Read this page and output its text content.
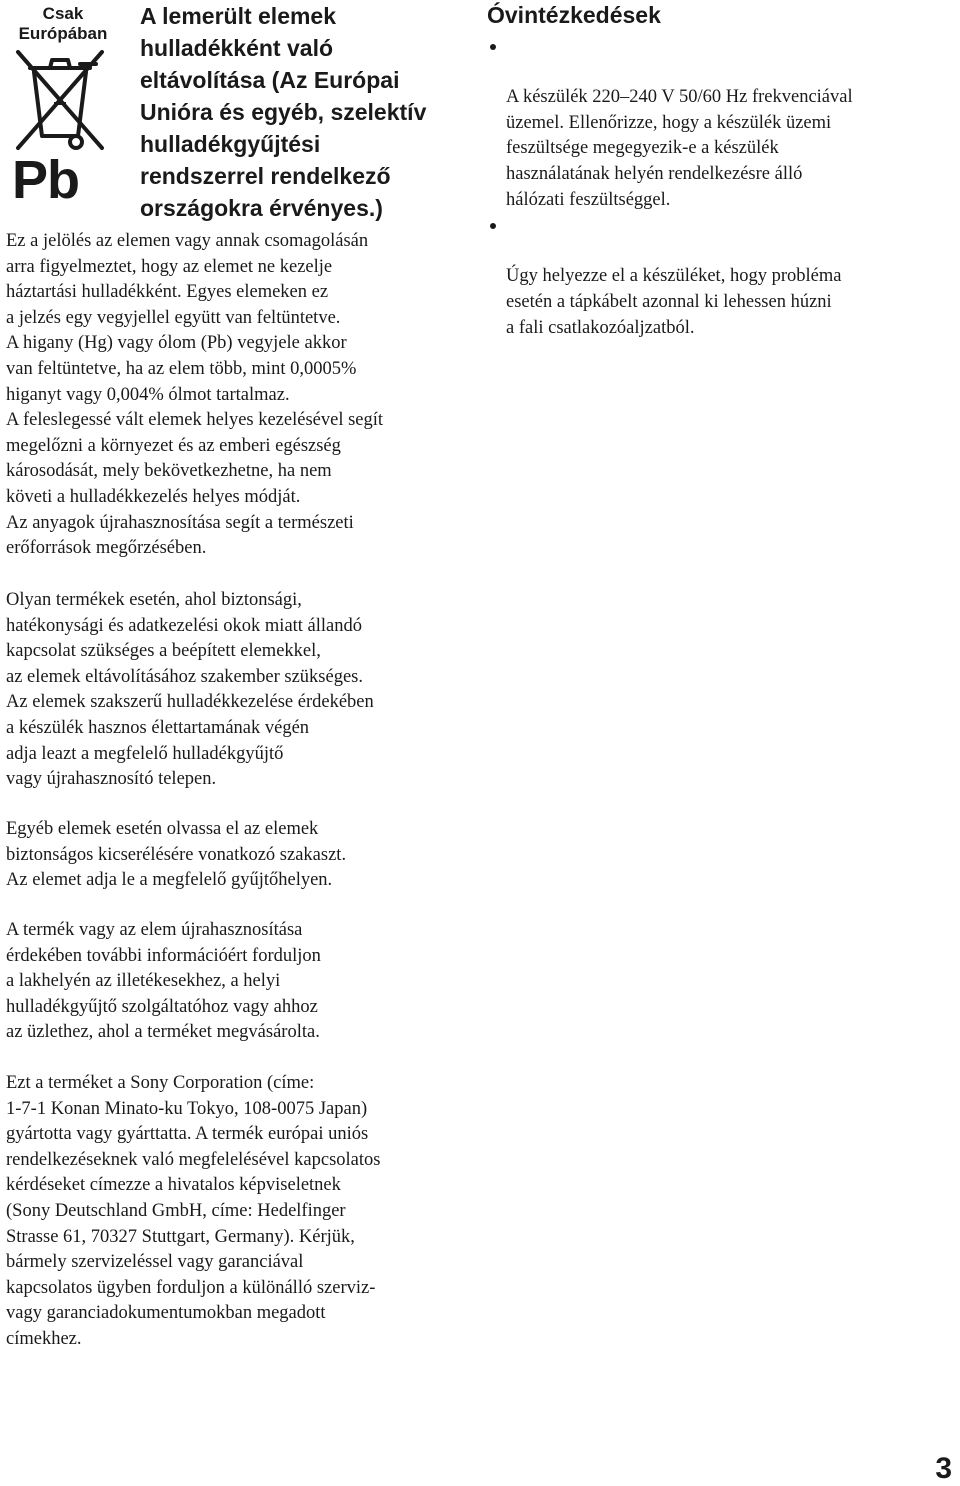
Csak
Európában
Pb
A lemerült elemek
hulladékként való
eltávolítása (Az Európai
Unióra és egyéb, szelektív
hulladékgyűjtési
rendszerrel rendelkező
országokra érvényes.)

Ez a jelölés az elemen vagy annak csomagolásán
arra figyelmeztet, hogy az elemet ne kezelje
háztartási hulladékként. Egyes elemeken ez
a jelzés egy vegyjellel együtt van feltüntetve.
A higany (Hg) vagy ólom (Pb) vegyjele akkor
van feltüntetve, ha az elem több, mint 0,0005%
higanyt vagy 0,004% ólmot tartalmaz.
A feleslegessé vált elemek helyes kezelésével segít
megelőzni a környezet és az emberi egészség
károsodását, mely bekövetkezhetne, ha nem
követi a hulladékkezelés helyes módját.
Az anyagok újrahasznosítása segít a természeti
erőforrások megőrzésében.

Olyan termékek esetén, ahol biztonsági,
hatékonysági és adatkezelési okok miatt állandó
kapcsolat szükséges a beépített elemekkel,
az elemek eltávolításához szakember szükséges.
Az elemek szakszerű hulladékkezelése érdekében
a készülék hasznos élettartamának végén
adja leazt a megfelelő hulladékgyűjtő
vagy újrahasznosító telepen.

Egyéb elemek esetén olvassa el az elemek
biztonságos kicserélésére vonatkozó szakaszt.
Az elemet adja le a megfelelő gyűjtőhelyen.

A termék vagy az elem újrahasznosítása
érdekében további információért forduljon
a lakhelyén az illetékesekhez, a helyi
hulladékgyűjtő szolgáltatóhoz vagy ahhoz
az üzlethez, ahol a terméket megvásárolta.

Ezt a terméket a Sony Corporation (címe:
1-7-1 Konan Minato-ku Tokyo, 108-0075 Japan)
gyártotta vagy gyárttatta. A termék európai uniós
rendelkezéseknek való megfelelésével kapcsolatos
kérdéseket címezze a hivatalos képviseletnek
(Sony Deutschland GmbH, címe: Hedelfinger
Strasse 61, 70327 Stuttgart, Germany). Kérjük,
bármely szervizeléssel vagy garanciával
kapcsolatos ügyben forduljon a különálló szerviz-
vagy garanciadokumentumokban megadott
címekhez.

Óvintézkedések

A készülék 220–240 V 50/60 Hz frekvenciával
üzemel. Ellenőrizze, hogy a készülék üzemi
feszültsége megegyezik-e a készülék
használatának helyén rendelkezésre álló
hálózati feszültséggel.

Úgy helyezze el a készüléket, hogy probléma
esetén a tápkábelt azonnal ki lehessen húzni
a fali csatlakozóaljzatból.

3
